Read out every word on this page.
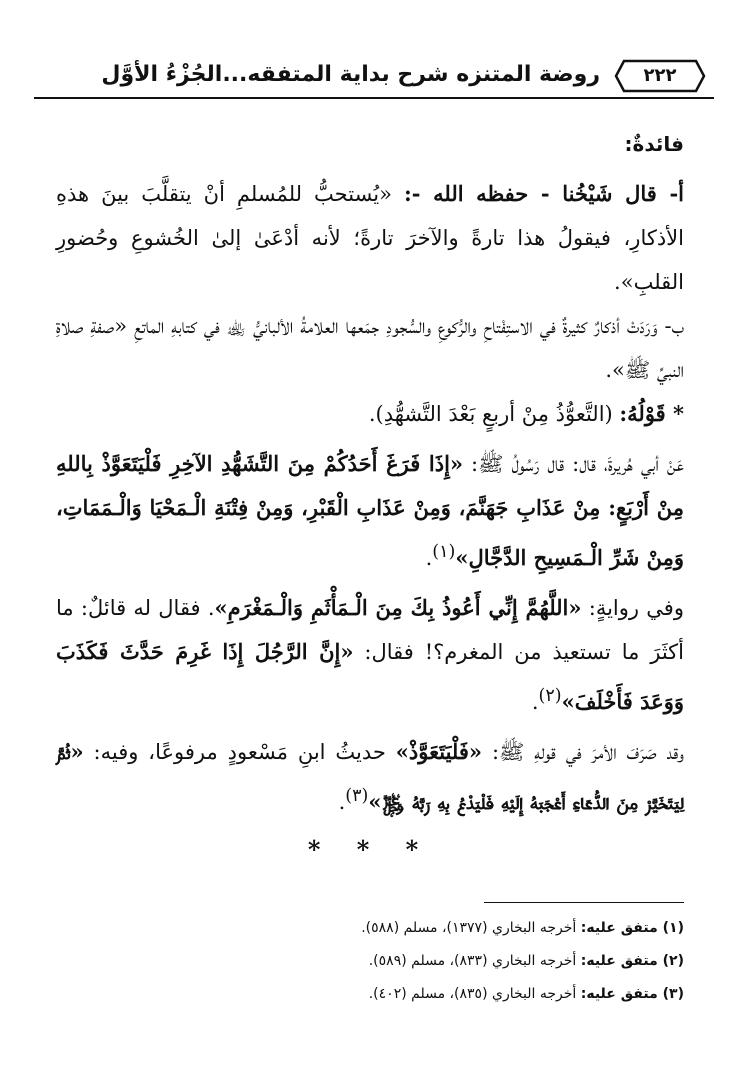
روضة المتنزه شرح بداية المتفقه...الجُزْءُ الأوَّل	٢٢٢

فائدةٌ:

أ- قال شَيْخُنا - حفظه الله -: «يُستحبُّ للمُسلمِ أنْ يتقلَّبَ بينَ هذهِ الأذكارِ، فيقولُ هذا تارةً والآخرَ تارةً؛ لأنه أدْعَىٰ إلىٰ الخُشوعِ وحُضورِ القلبِ».

ب- وَرَدَتْ أذكارٌ كثيرةٌ في الاستِفْتاحِ والرُّكوعِ والسُّجودِ جمَعها العلامةُ الألبانيُّ ﵀ في كتابهِ الماتعِ «صفةِ صلاةِ النبيِّ ﷺ».

* قَوْلُهُ: (التَّعوُّذُ مِنْ أربعٍ بَعْدَ التَّشهُّدِ).

عَنْ أبي هُريرةَ، قال: قال رَسُولُ ﷺ: «إِذَا فَرَغَ أَحَدُكُمْ مِنَ التَّشَهُّدِ الآخِرِ فَلْيَتَعَوَّذْ بِاللهِ مِنْ أَرْبَعٍ: مِنْ عَذَابِ جَهَنَّمَ، وَمِنْ عَذَابِ الْقَبْرِ، وَمِنْ فِتْنَةِ الْـمَحْيَا وَالْـمَمَاتِ، وَمِنْ شَرِّ الْـمَسِيحِ الدَّجَّالِ»$^{(١)}$.

وفي روايةٍ: «اللَّهُمَّ إِنِّي أَعُوذُ بِكَ مِنَ الْـمَأْثَمِ وَالْـمَغْرَمِ». فقال له قائلٌ: ما أكثَرَ ما تستعيذ من المغرم؟! فقال: «إِنَّ الرَّجُلَ إِذَا غَرِمَ حَدَّثَ فَكَذَبَ وَوَعَدَ فَأَخْلَفَ»$^{(٢)}$.

وقد صَرَفَ الأمرَ في قولهِ ﷺ: «فَلْيَتَعَوَّذْ» حديثُ ابنِ مَسْعودٍ مرفوعًا، وفيه: «ثُمَّ لِيَتَخَيَّرْ مِنَ الدُّعَاءِ أَعْجَبَهُ إِلَيْهِ فَلْيَدْعُ بِهِ رَبَّهُ ﷿»$^{(٣)}$.

* * *

(١) متفق عليه: أخرجه البخاري (١٣٧٧)، مسلم (٥٨٨).

(٢) متفق عليه: أخرجه البخاري (٨٣٣)، مسلم (٥٨٩).

(٣) متفق عليه: أخرجه البخاري (٨٣٥)، مسلم (٤٠٢).
